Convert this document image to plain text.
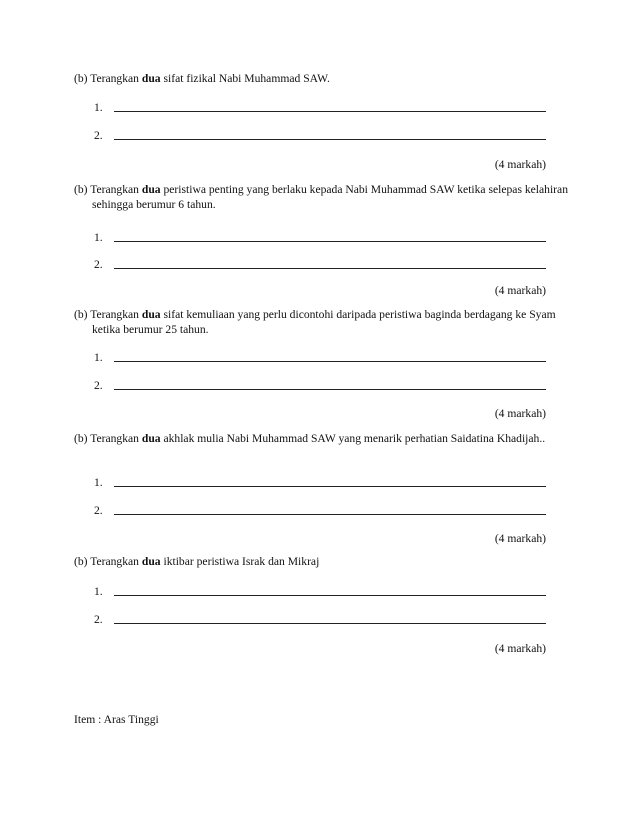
(b) Terangkan dua sifat fizikal Nabi Muhammad SAW.

1.
2.
(4 markah)

(b) Terangkan dua peristiwa penting yang berlaku kepada Nabi Muhammad SAW ketika selepas kelahiran sehingga berumur 6 tahun.

1.
2.
(4 markah)

(b) Terangkan dua sifat kemuliaan yang perlu dicontohi daripada peristiwa baginda berdagang ke Syam ketika berumur 25 tahun.

1.
2.
(4 markah)

(b) Terangkan dua akhlak mulia Nabi Muhammad SAW yang menarik perhatian Saidatina Khadijah..

1.
2.
(4 markah)

(b) Terangkan dua iktibar peristiwa Israk dan Mikraj

1.
2.
(4 markah)
Item : Aras Tinggi
